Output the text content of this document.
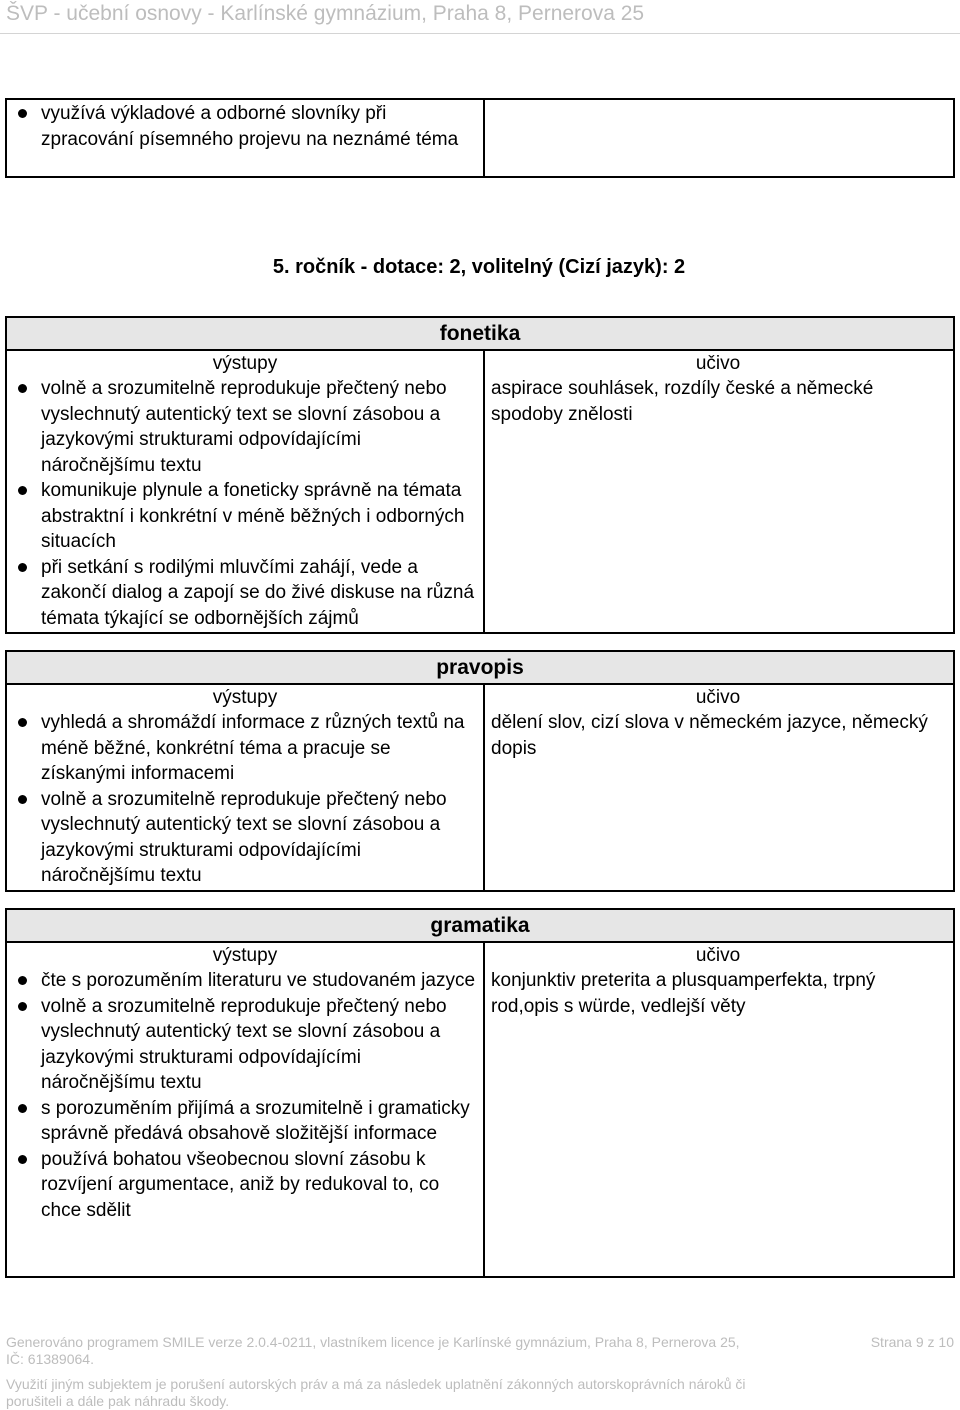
ŠVP - učební osnovy - Karlínské gymnázium, Praha 8, Pernerova 25
využívá výkladové a odborné slovníky při zpracování písemného projevu na neznámé téma
5. ročník - dotace: 2, volitelný (Cizí jazyk): 2
fonetika
výstupy
volně a srozumitelně reprodukuje přečtený nebo vyslechnutý autentický text se slovní zásobou a jazykovými strukturami odpovídajícími náročnějšímu textu
komunikuje plynule a foneticky správně na témata abstraktní i konkrétní v méně běžných i odborných situacích
při setkání s rodilými mluvčími zahájí, vede a zakončí dialog a zapojí se do živé diskuse na různá témata týkající se odbornějších zájmů
učivo
aspirace souhlásek, rozdíly české a německé spodoby znělosti
pravopis
výstupy
vyhledá a shromáždí informace z různých textů na méně běžné, konkrétní téma a pracuje se získanými informacemi
volně a srozumitelně reprodukuje přečtený nebo vyslechnutý autentický text se slovní zásobou a jazykovými strukturami odpovídajícími náročnějšímu textu
učivo
dělení slov, cizí slova v německém jazyce, německý dopis
gramatika
výstupy
čte s porozuměním literaturu ve studovaném jazyce
volně a srozumitelně reprodukuje přečtený nebo vyslechnutý autentický text se slovní zásobou a jazykovými strukturami odpovídajícími náročnějšímu textu
s porozuměním přijímá a srozumitelně i gramaticky správně předává obsahově složitější informace
používá bohatou všeobecnou slovní zásobu k rozvíjení argumentace, aniž by redukoval to, co chce sdělit
učivo
konjunktiv preterita a plusquamperfekta, trpný rod,opis s würde, vedlejší věty
Generováno programem SMILE verze 2.0.4-0211, vlastníkem licence je Karlínské gymnázium, Praha 8, Pernerova 25,
IČ: 61389064.
Strana 9 z 10
Využití jiným subjektem je porušení autorských práv a má za následek uplatnění zákonných autorskoprávních nároků či
porušiteli a dále pak náhradu škody.
